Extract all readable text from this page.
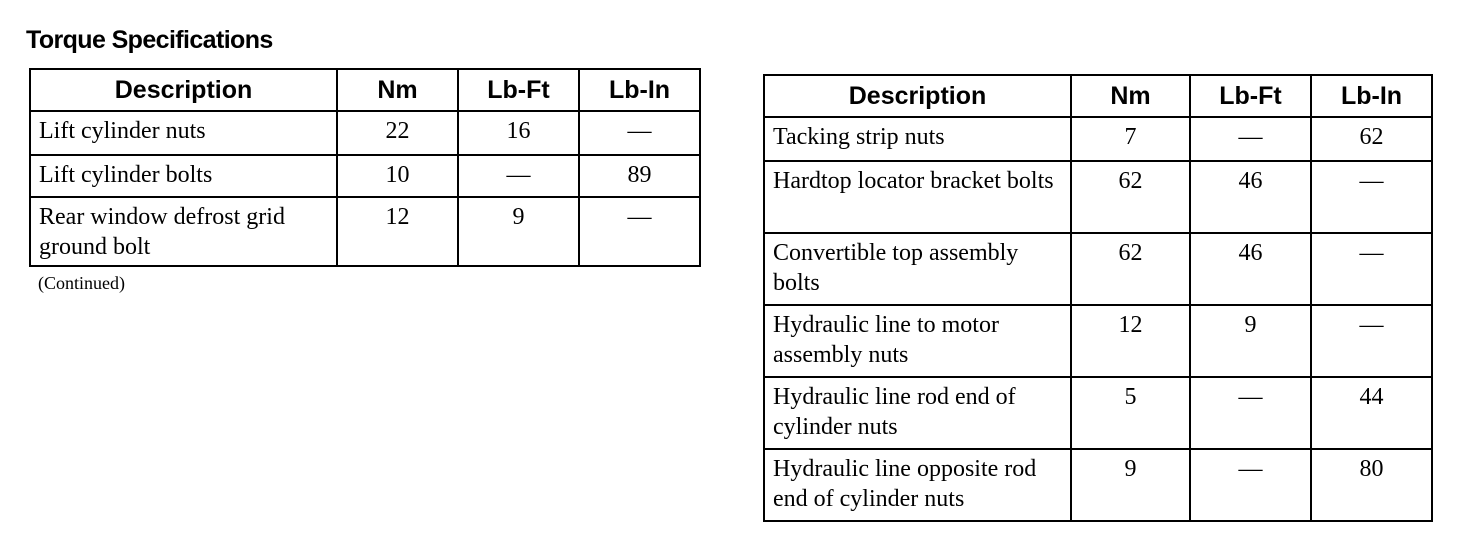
Torque Specifications
Description	Nm	Lb-Ft	Lb-In
Lift cylinder nuts	22	16	—
Lift cylinder bolts	10	—	89
Rear window defrost grid ground bolt	12	9	—
(Continued)
Description	Nm	Lb-Ft	Lb-In
Tacking strip nuts	7	—	62
Hardtop locator bracket bolts	62	46	—
Convertible top assembly bolts	62	46	—
Hydraulic line to motor assembly nuts	12	9	—
Hydraulic line rod end of cylinder nuts	5	—	44
Hydraulic line opposite rod end of cylinder nuts	9	—	80
